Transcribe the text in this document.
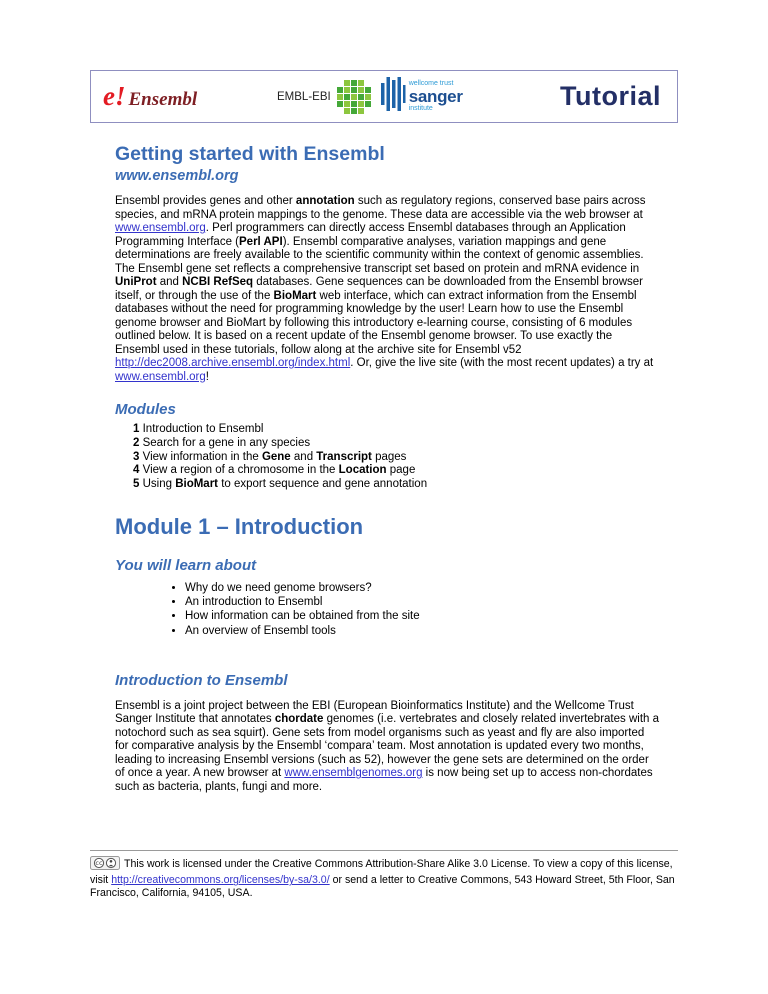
e! Ensembl	EMBL-EBI
wellcome trust
sanger
institute	Tutorial
Getting started with Ensembl
www.ensembl.org

Ensembl provides genes and other annotation such as regulatory regions, conserved base pairs across species, and mRNA protein mappings to the genome. These data are accessible via the web browser at www.ensembl.org. Perl programmers can directly access Ensembl databases through an Application Programming Interface (Perl API). Ensembl comparative analyses, variation mappings and gene determinations are freely available to the scientific community within the context of genomic assemblies. The Ensembl gene set reflects a comprehensive transcript set based on protein and mRNA evidence in UniProt and NCBI RefSeq databases. Gene sequences can be downloaded from the Ensembl browser itself, or through the use of the BioMart web interface, which can extract information from the Ensembl databases without the need for programming knowledge by the user! Learn how to use the Ensembl genome browser and BioMart by following this introductory e-learning course, consisting of 6 modules outlined below. It is based on a recent update of the Ensembl genome browser. To use exactly the Ensembl used in these tutorials, follow along at the archive site for Ensembl v52 http://dec2008.archive.ensembl.org/index.html. Or, give the live site (with the most recent updates) a try at www.ensembl.org!

Modules
1 Introduction to Ensembl
2 Search for a gene in any species
3 View information in the Gene and Transcript pages
4 View a region of a chromosome in the Location page
5 Using BioMart to export sequence and gene annotation
Module 1 – Introduction
You will learn about
• Why do we need genome browsers?
• An introduction to Ensembl
• How information can be obtained from the site
• An overview of Ensembl tools
Introduction to Ensembl

Ensembl is a joint project between the EBI (European Bioinformatics Institute) and the Wellcome Trust Sanger Institute that annotates chordate genomes (i.e. vertebrates and closely related invertebrates with a notochord such as sea squirt). Gene sets from model organisms such as yeast and fly are also imported for comparative analysis by the Ensembl ‘compara’ team. Most annotation is updated every two months, leading to increasing Ensembl versions (such as 52), however the gene sets are determined on the order of once a year. A new browser at www.ensemblgenomes.org is now being set up to access non-chordates such as bacteria, plants, fungi and more.

cc This work is licensed under the Creative Commons Attribution-Share Alike 3.0 License. To view a copy of this license, visit http://creativecommons.org/licenses/by-sa/3.0/ or send a letter to Creative Commons, 543 Howard Street, 5th Floor, San Francisco, California, 94105, USA.
